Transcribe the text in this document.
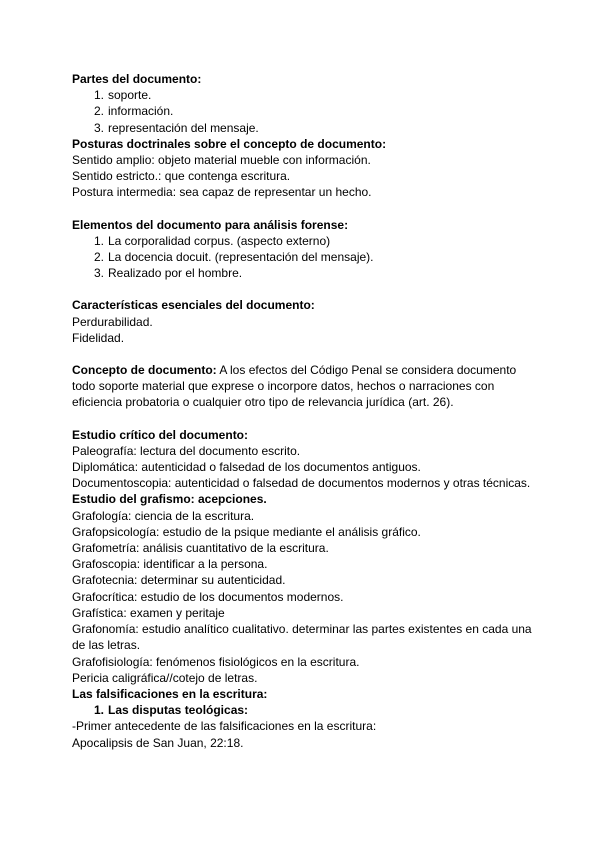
Partes del documento:
1. soporte.
2. información.
3. representación del mensaje.
Posturas doctrinales sobre el concepto de documento:
Sentido amplio: objeto material mueble con información.
Sentido estricto.: que contenga escritura.
Postura intermedia: sea capaz de representar un hecho.
Elementos del documento para análisis forense:
1. La corporalidad corpus. (aspecto externo)
2. La docencia docuit. (representación del mensaje).
3. Realizado por el hombre.
Características esenciales del documento:
Perdurabilidad.
Fidelidad.
Concepto de documento: A los efectos del Código Penal se considera documento todo soporte material que exprese o incorpore datos, hechos o narraciones con eficiencia probatoria o cualquier otro tipo de relevancia jurídica (art. 26).
Estudio crítico del documento:
Paleografía: lectura del documento escrito.
Diplomática: autenticidad o falsedad de los documentos antiguos.
Documentoscopia: autenticidad o falsedad de documentos modernos y otras técnicas.
Estudio del grafismo: acepciones.
Grafología: ciencia de la escritura.
Grafopsicología: estudio de la psique mediante el análisis gráfico.
Grafometría: análisis cuantitativo de la escritura.
Grafoscopia: identificar a la persona.
Grafotecnia: determinar su autenticidad.
Grafocrítica: estudio de los documentos modernos.
Grafística: examen y peritaje
Grafonomía: estudio analítico cualitativo. determinar las partes existentes en cada una de las letras.
Grafofisiología: fenómenos fisiológicos en la escritura.
Pericia caligráfica//cotejo de letras.
Las falsificaciones en la escritura:
1. Las disputas teológicas:
-Primer antecedente de las falsificaciones en la escritura:
Apocalipsis de San Juan, 22:18.
